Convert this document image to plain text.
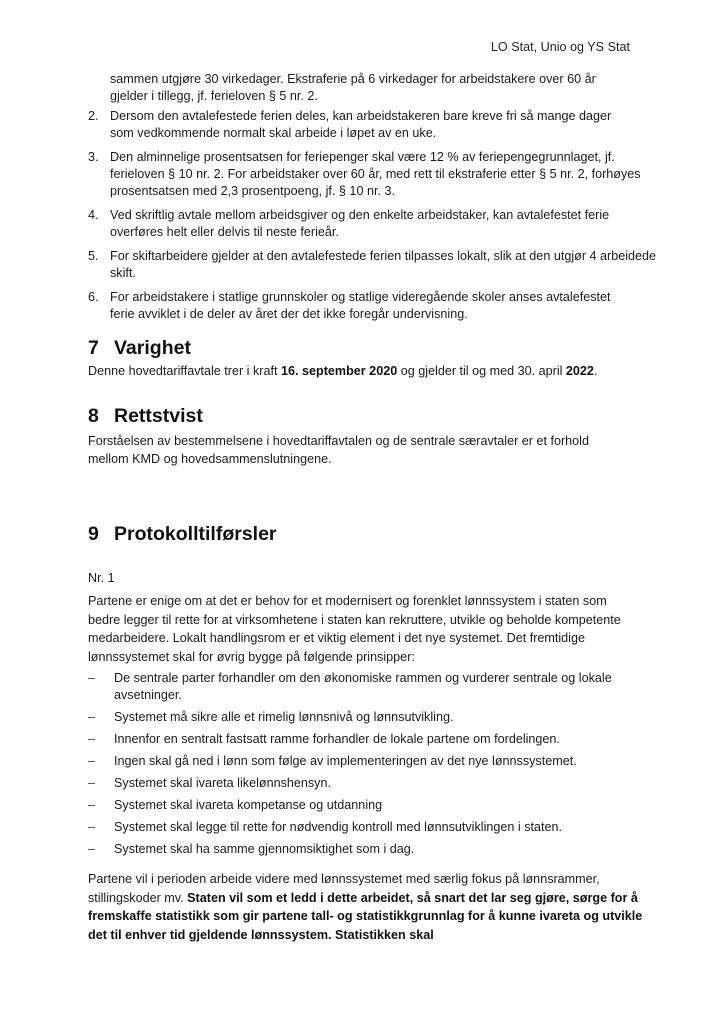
LO Stat, Unio og YS Stat

sammen utgjøre 30 virkedager. Ekstraferie på 6 virkedager for arbeidstakere over 60 år

gjelder i tillegg, jf. ferieloven § 5 nr. 2.

2. Dersom den avtalefestede ferien deles, kan arbeidstakeren bare kreve fri så mange dager som vedkommende normalt skal arbeide i løpet av en uke.
3. Den alminnelige prosentsatsen for feriepenger skal være 12 % av feriepengegrunnlaget, jf. ferieloven § 10 nr. 2. For arbeidstaker over 60 år, med rett til ekstraferie etter § 5 nr. 2, forhøyes prosentsatsen med 2,3 prosentpoeng, jf. § 10 nr. 3.
4. Ved skriftlig avtale mellom arbeidsgiver og den enkelte arbeidstaker, kan avtalefestet ferie overføres helt eller delvis til neste ferieår.
5. For skiftarbeidere gjelder at den avtalefestede ferien tilpasses lokalt, slik at den utgjør 4 arbeidede skift.
6. For arbeidstakere i statlige grunnskoler og statlige videregående skoler anses avtalefestet ferie avviklet i de deler av året der det ikke foregår undervisning.
7 Varighet

Denne hovedtariffavtale trer i kraft 16. september 2020 og gjelder til og med 30. april 2022.

8 Rettstvist

Forståelsen av bestemmelsene i hovedtariffavtalen og de sentrale særavtaler er et forhold mellom KMD og hovedsammenslutningene.

9 Protokolltilførsler

Nr. 1

Partene er enige om at det er behov for et modernisert og forenklet lønnssystem i staten som bedre legger til rette for at virksomhetene i staten kan rekruttere, utvikle og beholde kompetente medarbeidere. Lokalt handlingsrom er et viktig element i det nye systemet. Det fremtidige lønnssystemet skal for øvrig bygge på følgende prinsipper:

– De sentrale parter forhandler om den økonomiske rammen og vurderer sentrale og lokale avsetninger.
– Systemet må sikre alle et rimelig lønnsnivå og lønnsutvikling.
– Innenfor en sentralt fastsatt ramme forhandler de lokale partene om fordelingen.
– Ingen skal gå ned i lønn som følge av implementeringen av det nye lønnssystemet.
– Systemet skal ivareta likelønnshensyn.
– Systemet skal ivareta kompetanse og utdanning
– Systemet skal legge til rette for nødvendig kontroll med lønnsutviklingen i staten.
– Systemet skal ha samme gjennomsiktighet som i dag.

Partene vil i perioden arbeide videre med lønnssystemet med særlig fokus på lønnsrammer, stillingskoder mv. Staten vil som et ledd i dette arbeidet, så snart det lar seg gjøre, sørge for å fremskaffe statistikk som gir partene tall- og statistikkgrunnlag for å kunne ivareta og utvikle det til enhver tid gjeldende lønnssystem. Statistikken skal
